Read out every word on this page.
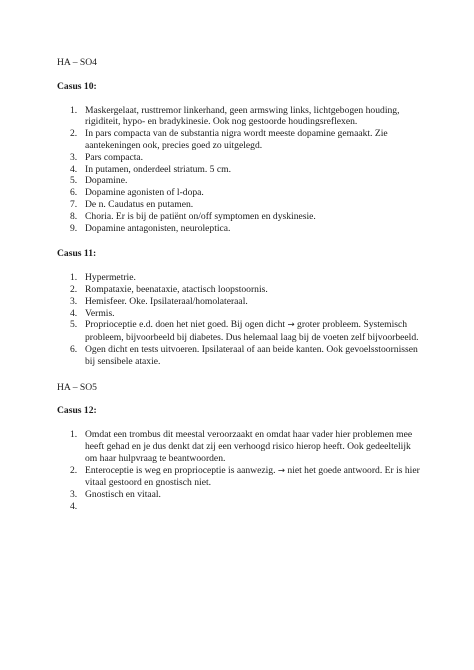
HA – SO4

Casus 10:

1. Maskergelaat, rusttremor linkerhand, geen armswing links, lichtgebogen houding, rigiditeit, hypo- en bradykinesie. Ook nog gestoorde houdingsreflexen.
2. In pars compacta van de substantia nigra wordt meeste dopamine gemaakt. Zie aantekeningen ook, precies goed zo uitgelegd.
3. Pars compacta.
4. In putamen, onderdeel striatum. 5 cm.
5. Dopamine.
6. Dopamine agonisten of l-dopa.
7. De n. Caudatus en putamen.
8. Choria. Er is bij de patiënt on/off symptomen en dyskinesie.
9. Dopamine antagonisten, neuroleptica.

Casus 11:

1. Hypermetrie.
2. Rompataxie, beenataxie, atactisch loopstoornis.
3. Hemisfeer. Oke. Ipsilateraal/homolateraal.
4. Vermis.
5. Proprioceptie e.d. doen het niet goed. Bij ogen dicht → groter probleem. Systemisch probleem, bijvoorbeeld bij diabetes. Dus helemaal laag bij de voeten zelf bijvoorbeeld.
6. Ogen dicht en tests uitvoeren. Ipsilateraal of aan beide kanten. Ook gevoelsstoornissen bij sensibele ataxie.

HA – SO5

Casus 12:

1. Omdat een trombus dit meestal veroorzaakt en omdat haar vader hier problemen mee heeft gehad en je dus denkt dat zij een verhoogd risico hierop heeft. Ook gedeeltelijk om haar hulpvraag te beantwoorden.
2. Enteroceptie is weg en proprioceptie is aanwezig. → niet het goede antwoord. Er is hier vitaal gestoord en gnostisch niet.
3. Gnostisch en vitaal.
4.
